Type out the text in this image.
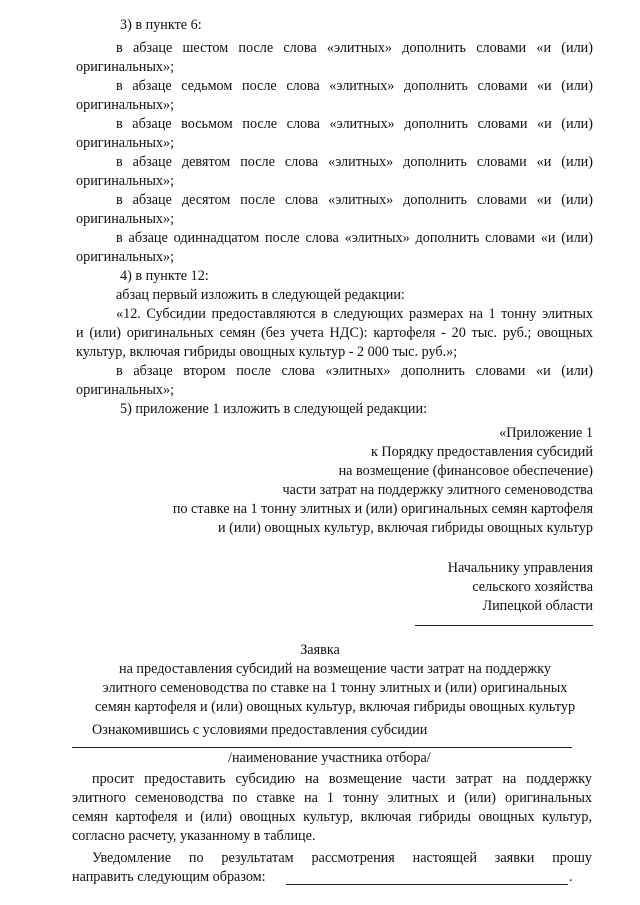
3) в пункте 6:
в абзаце шестом после слова «элитных» дополнить словами «и (или)
оригинальных»;
в абзаце седьмом после слова «элитных» дополнить словами «и (или)
оригинальных»;
в абзаце восьмом после слова «элитных» дополнить словами «и (или)
оригинальных»;
в абзаце девятом после слова «элитных» дополнить словами «и (или)
оригинальных»;
в абзаце десятом после слова «элитных» дополнить словами «и (или)
оригинальных»;
в абзаце одиннадцатом после слова «элитных» дополнить словами «и (или)
оригинальных»;
4) в пункте 12:
абзац первый изложить в следующей редакции:
«12. Субсидии предоставляются в следующих размерах на 1 тонну элитных
и (или) оригинальных семян (без учета НДС): картофеля - 20 тыс. руб.; овощных
культур, включая гибриды овощных культур - 2 000 тыс. руб.»;
в абзаце втором после слова «элитных» дополнить словами «и (или)
оригинальных»;
5) приложение 1 изложить в следующей редакции:
«Приложение 1
к Порядку предоставления субсидий
на возмещение (финансовое обеспечение)
части затрат на поддержку элитного семеноводства
по ставке на 1 тонну элитных и (или) оригинальных семян картофеля
и (или) овощных культур, включая гибриды овощных культур
Начальнику управления
сельского хозяйства
Липецкой области
Заявка
на предоставления субсидий на возмещение части затрат на поддержку
элитного семеноводства по ставке на 1 тонну элитных и (или) оригинальных
семян картофеля и (или) овощных культур, включая гибриды овощных культур
Ознакомившись с условиями предоставления субсидии
/наименование участника отбора/
просит предоставить субсидию на возмещение части затрат на поддержку
элитного семеноводства по ставке на 1 тонну элитных и (или) оригинальных
семян картофеля и (или) овощных культур, включая гибриды овощных культур,
согласно расчету, указанному в таблице.
Уведомление по результатам рассмотрения настоящей заявки прошу
направить следующим образом:	.
